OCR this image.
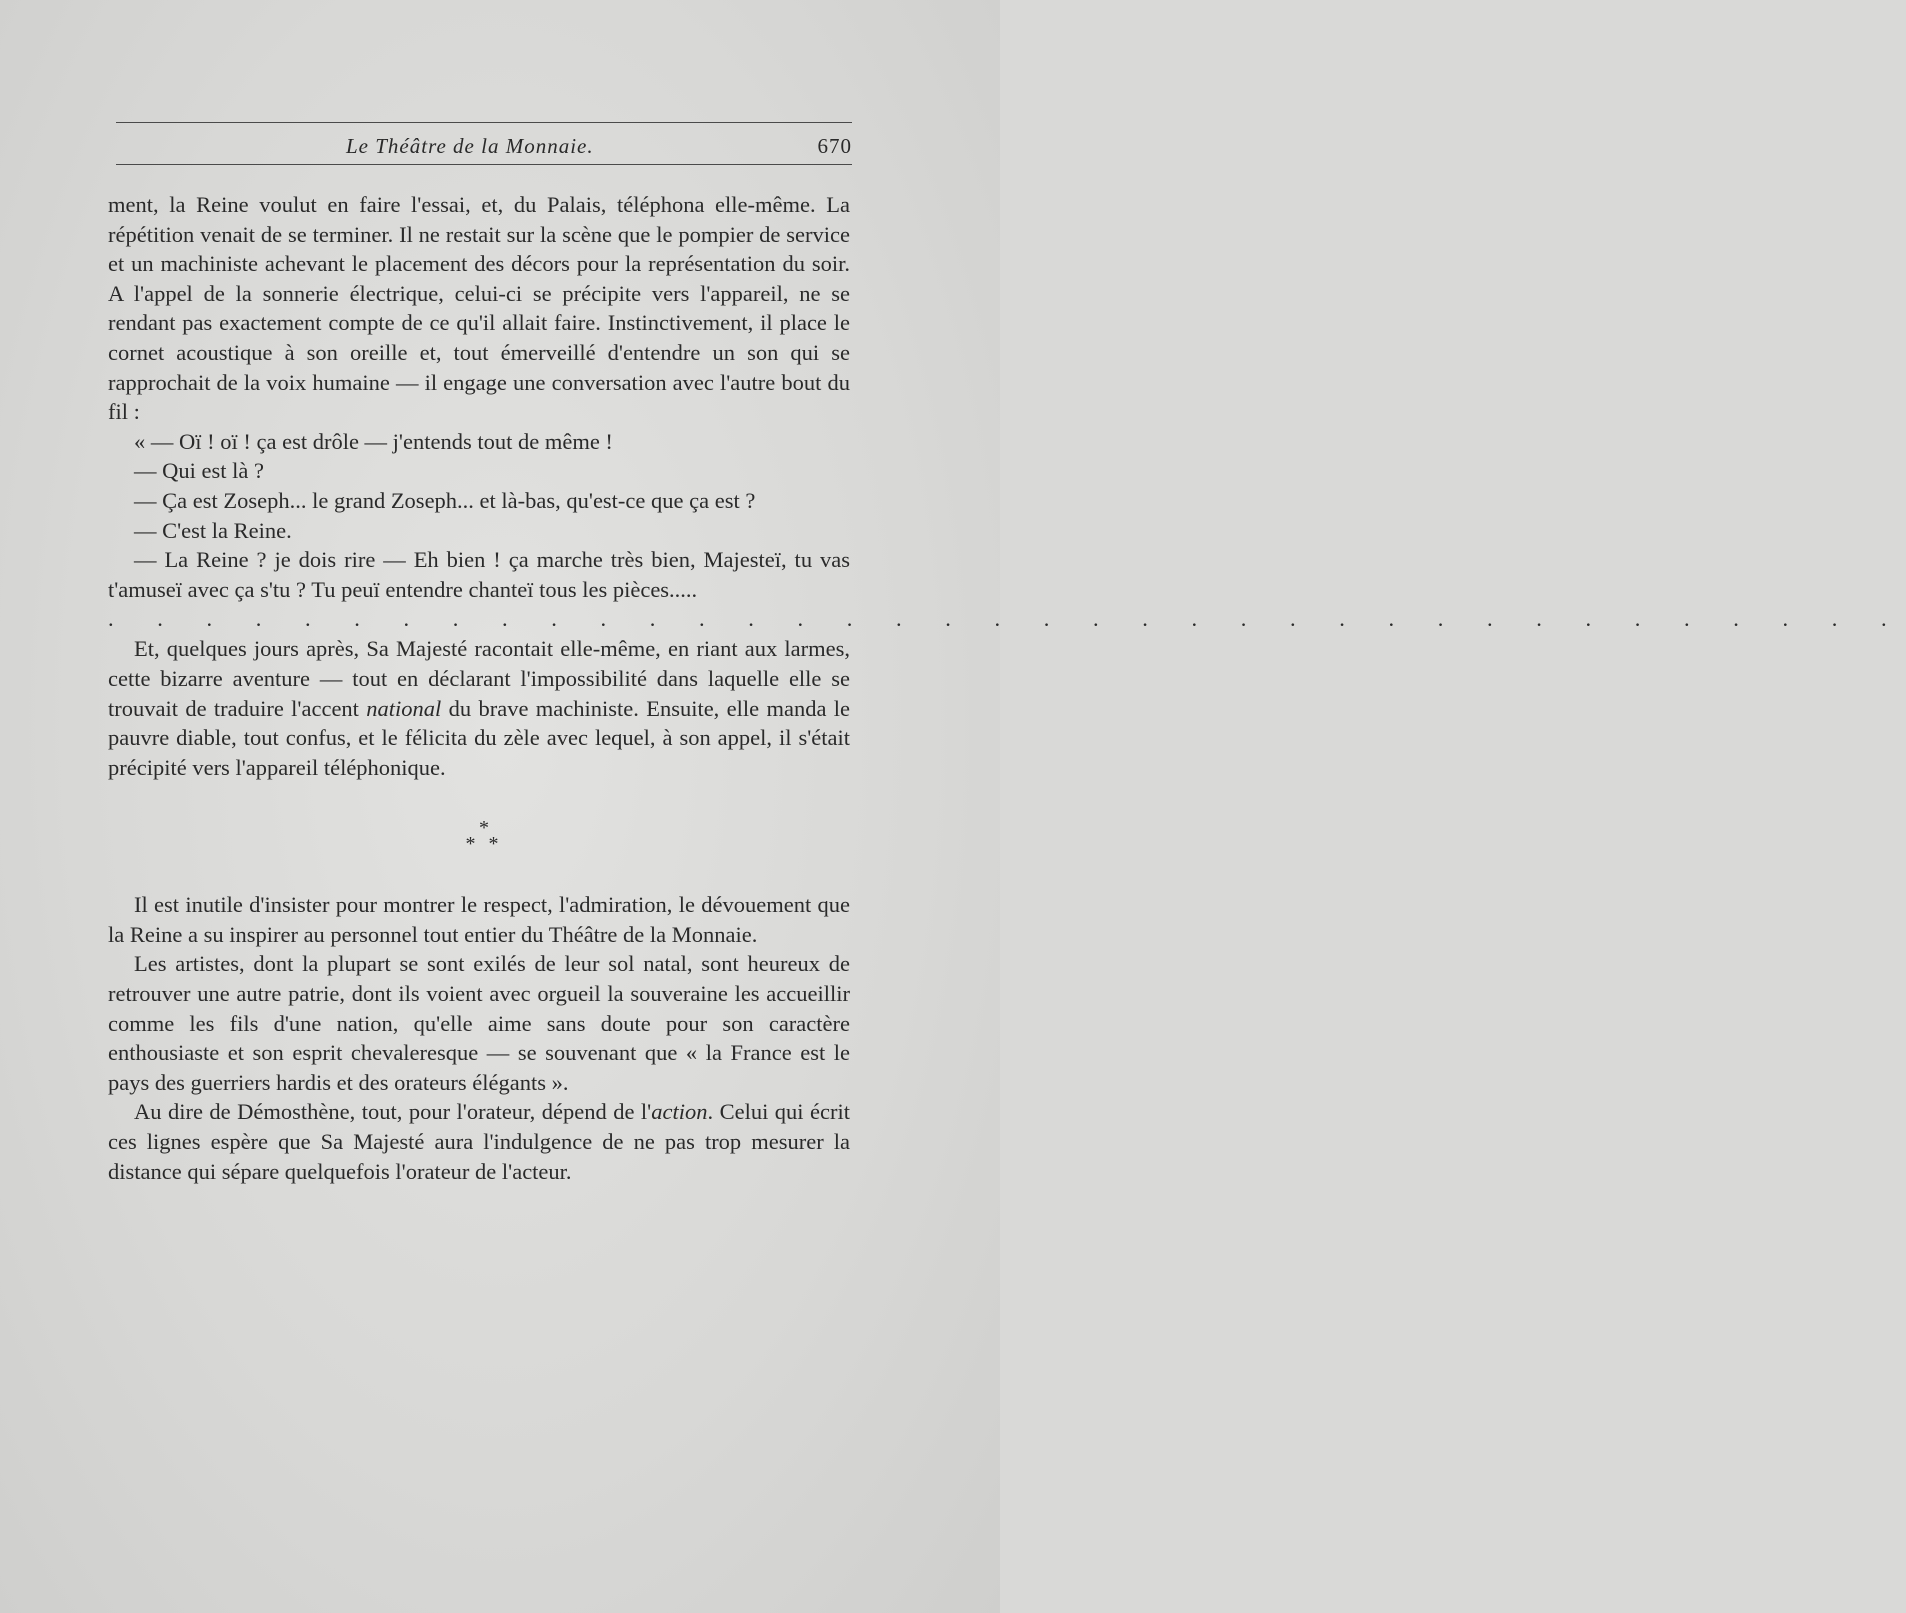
Le Théâtre de la Monnaie.	670

ment, la Reine voulut en faire l'essai, et, du Palais, téléphona elle-même. La répétition venait de se terminer. Il ne restait sur la scène que le pompier de service et un machiniste achevant le placement des décors pour la représentation du soir. A l'appel de la sonnerie électrique, celui-ci se précipite vers l'appareil, ne se rendant pas exactement compte de ce qu'il allait faire. Instinctivement, il place le cornet acoustique à son oreille et, tout émerveillé d'entendre un son qui se rapprochait de la voix humaine — il engage une conversation avec l'autre bout du fil :

« — Oï ! oï ! ça est drôle — j'entends tout de même !

— Qui est là ?

— Ça est Zoseph... le grand Zoseph... et là-bas, qu'est-ce que ça est ?

— C'est la Reine.

— La Reine ? je dois rire — Eh bien ! ça marche très bien, Majesteï, tu vas t'amuseï avec ça s'tu ? Tu peuï entendre chanteï tous les pièces.....

. . . . . . . . . . . . . . . . . . . . . . . . . . . . . . . . . . . . .

Et, quelques jours après, Sa Majesté racontait elle-même, en riant aux larmes, cette bizarre aventure — tout en déclarant l'impossibilité dans laquelle elle se trouvait de traduire l'accent national du brave machiniste. Ensuite, elle manda le pauvre diable, tout confus, et le félicita du zèle avec lequel, à son appel, il s'était précipité vers l'appareil téléphonique.

*
* *

Il est inutile d'insister pour montrer le respect, l'admiration, le dévouement que la Reine a su inspirer au personnel tout entier du Théâtre de la Monnaie.

Les artistes, dont la plupart se sont exilés de leur sol natal, sont heureux de retrouver une autre patrie, dont ils voient avec orgueil la souveraine les accueillir comme les fils d'une nation, qu'elle aime sans doute pour son caractère enthousiaste et son esprit chevaleresque — se souvenant que « la France est le pays des guerriers hardis et des orateurs élégants ».

Au dire de Démosthène, tout, pour l'orateur, dépend de l'action. Celui qui écrit ces lignes espère que Sa Majesté aura l'indulgence de ne pas trop mesurer la distance qui sépare quelquefois l'orateur de l'acteur.
